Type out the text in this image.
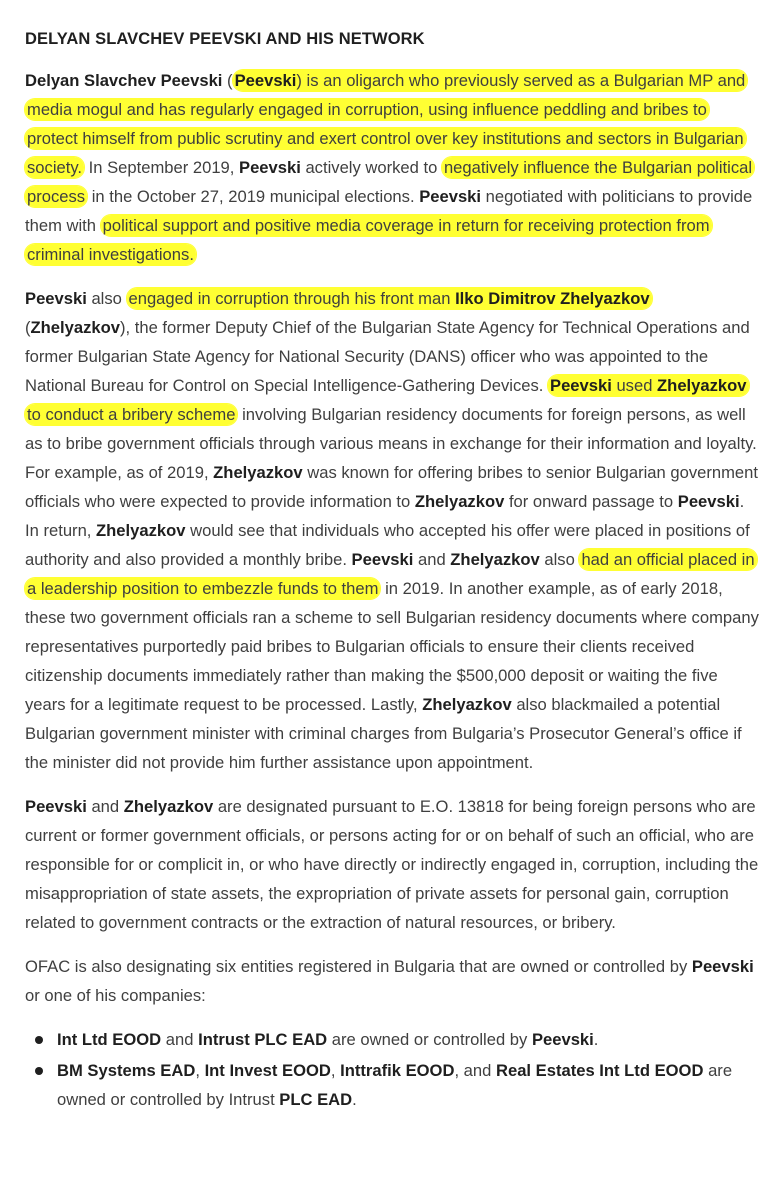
DELYAN SLAVCHEV PEEVSKI AND HIS NETWORK

Delyan Slavchev Peevski ( Peevski) is an oligarch who previously served as a Bulgarian MP and media mogul and has regularly engaged in corruption, using influence peddling and bribes to protect himself from public scrutiny and exert control over key institutions and sectors in Bulgarian society. In September 2019, Peevski actively worked to negatively influence the Bulgarian political process in the October 27, 2019 municipal elections. Peevski negotiated with politicians to provide them with political support and positive media coverage in return for receiving protection from criminal investigations.

Peevski also engaged in corruption through his front man Ilko Dimitrov Zhelyazkov (Zhelyazkov), the former Deputy Chief of the Bulgarian State Agency for Technical Operations and former Bulgarian State Agency for National Security (DANS) officer who was appointed to the National Bureau for Control on Special Intelligence-Gathering Devices. Peevski used Zhelyazkov to conduct a bribery scheme involving Bulgarian residency documents for foreign persons, as well as to bribe government officials through various means in exchange for their information and loyalty. For example, as of 2019, Zhelyazkov was known for offering bribes to senior Bulgarian government officials who were expected to provide information to Zhelyazkov for onward passage to Peevski. In return, Zhelyazkov would see that individuals who accepted his offer were placed in positions of authority and also provided a monthly bribe. Peevski and Zhelyazkov also had an official placed in a leadership position to embezzle funds to them in 2019. In another example, as of early 2018, these two government officials ran a scheme to sell Bulgarian residency documents where company representatives purportedly paid bribes to Bulgarian officials to ensure their clients received citizenship documents immediately rather than making the $500,000 deposit or waiting the five years for a legitimate request to be processed. Lastly, Zhelyazkov also blackmailed a potential Bulgarian government minister with criminal charges from Bulgaria’s Prosecutor General’s office if the minister did not provide him further assistance upon appointment.

Peevski and Zhelyazkov are designated pursuant to E.O. 13818 for being foreign persons who are current or former government officials, or persons acting for or on behalf of such an official, who are responsible for or complicit in, or who have directly or indirectly engaged in, corruption, including the misappropriation of state assets, the expropriation of private assets for personal gain, corruption related to government contracts or the extraction of natural resources, or bribery.

OFAC is also designating six entities registered in Bulgaria that are owned or controlled by Peevski or one of his companies:

Int Ltd EOOD and Intrust PLC EAD are owned or controlled by Peevski.
BM Systems EAD, Int Invest EOOD, Inttrafik EOOD, and Real Estates Int Ltd EOOD are owned or controlled by Intrust PLC EAD.
